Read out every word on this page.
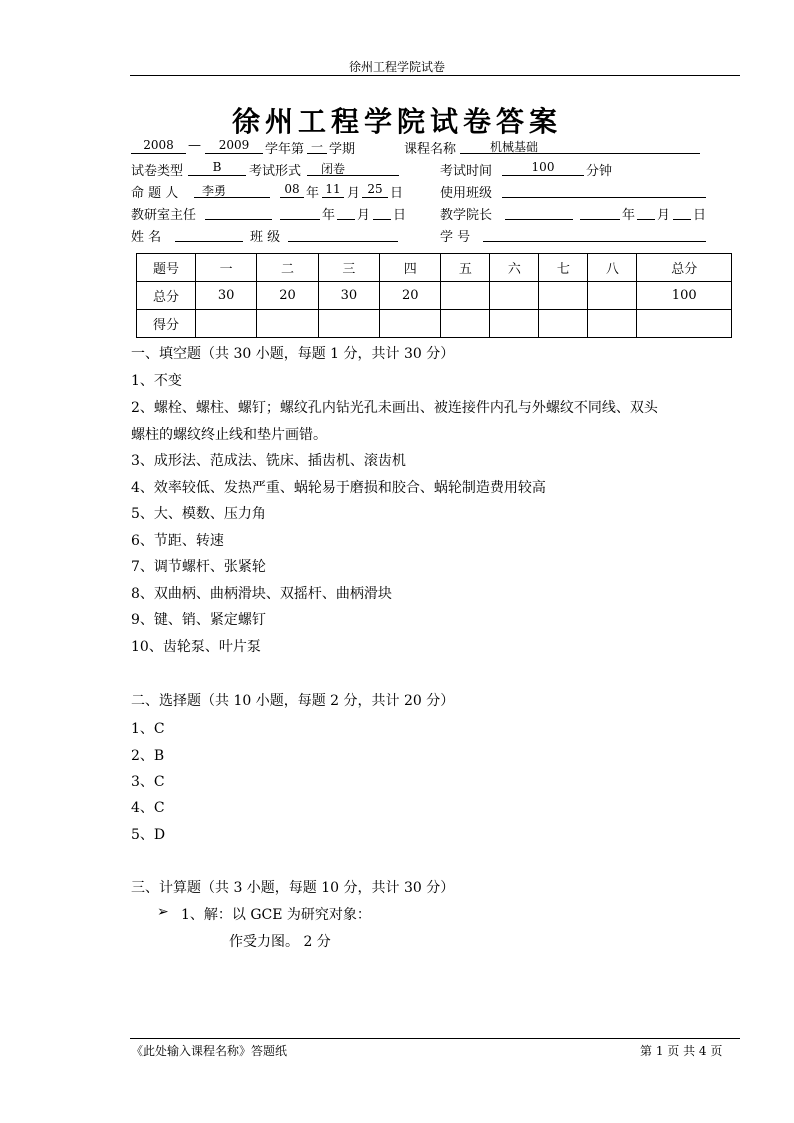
徐州工程学院试卷
徐州工程学院试卷答案
2008	—	2009	学年第 一 学期	课程名称	机械基础
试卷类型	B	考试形式	闭卷	考试时间	100	分钟
命 题 人	李勇	08 年 11 月 25 日	使用班级
教研室主任	年 月 日	教学院长	年 月 日
姓 名	班 级	学 号
题号	一	二	三	四	五	六	七	八	总分
总分	30	20	30	20					100
得分									
一、填空题（共 30 小题，每题 1 分，共计 30 分）
1、不变
2、螺栓、螺柱、螺钉；螺纹孔内钻光孔未画出、被连接件内孔与外螺纹不同线、双头
螺柱的螺纹终止线和垫片画错。
3、成形法、范成法、铣床、插齿机、滚齿机
4、效率较低、发热严重、蜗轮易于磨损和胶合、蜗轮制造费用较高
5、大、模数、压力角
6、节距、转速
7、调节螺杆、张紧轮
8、双曲柄、曲柄滑块、双摇杆、曲柄滑块
9、键、销、紧定螺钉
10、齿轮泵、叶片泵
二、选择题（共 10 小题，每题 2 分，共计 20 分）
1、C
2、B
3、C
4、C
5、D
三、计算题（共 3 小题，每题 10 分，共计 30 分）
➢ 1、解：以 GCE 为研究对象：
作受力图。 2 分
《此处输入课程名称》答题纸	第 1 页 共 4 页
